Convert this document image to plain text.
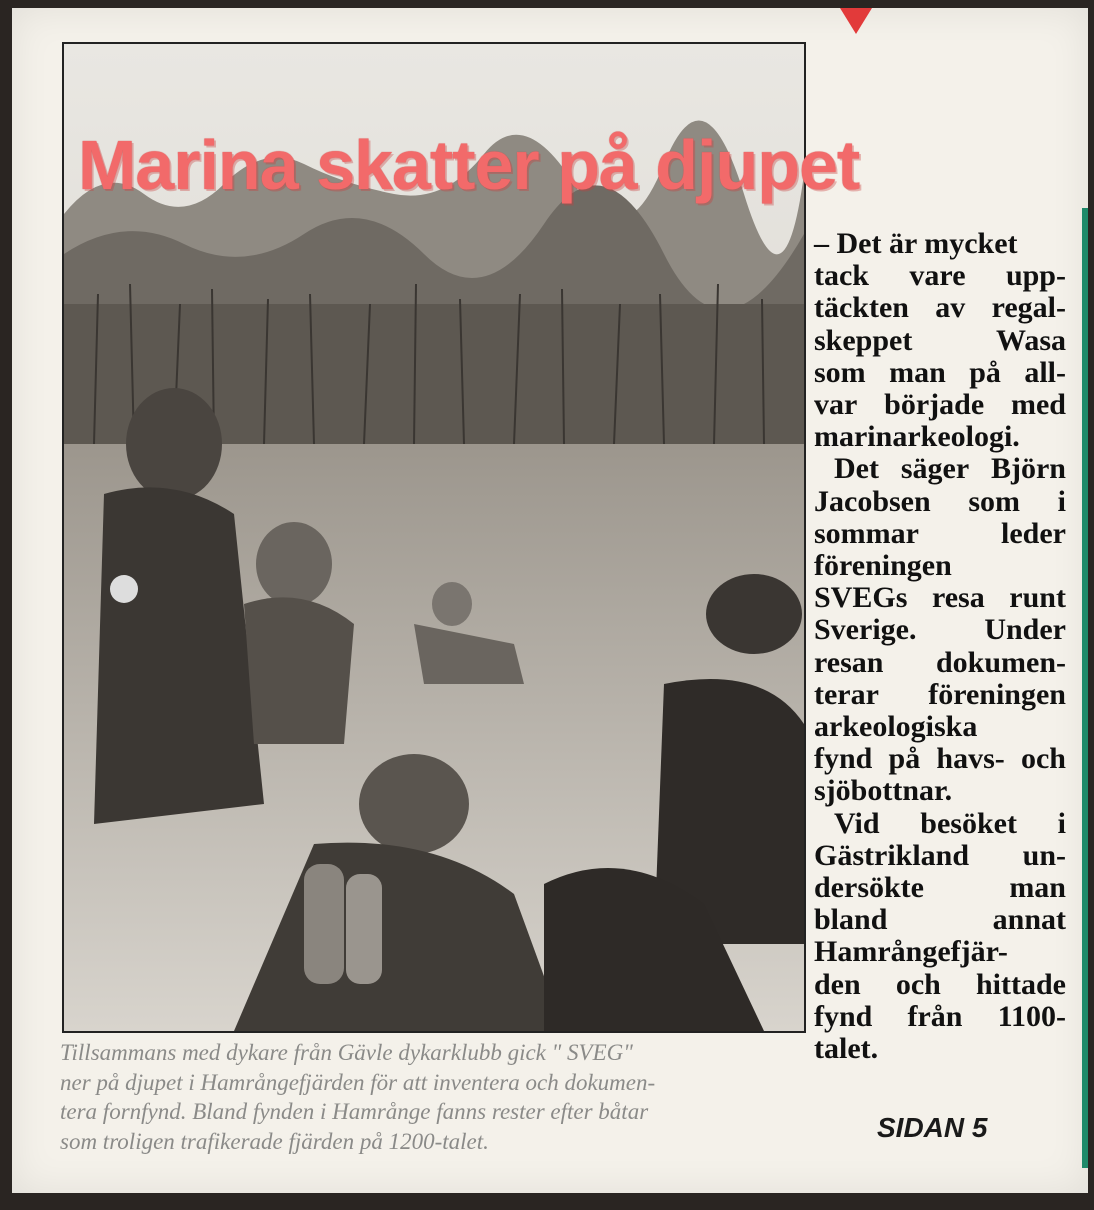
Marina skatter på djupet
– Det är mycket
tack vare upp-
täckten av regal-
skeppet	Wasa
som man på all-
var började med
marinarkeologi.
Det säger Björn
Jacobsen som i
sommar	leder
föreningen
SVEGs resa runt
Sverige. Under
resan dokumen-
terar föreningen
arkeologiska
fynd på havs- och
sjöbottnar.
Vid besöket i
Gästrikland un-
dersökte	man
bland	annat
Hamrångefjär-
den och hittade
fynd från 1100-
talet.
Tillsammans med dykare från Gävle dykarklubb gick " SVEG"
ner på djupet i Hamrångefjärden för att inventera och dokumen-
tera fornfynd. Bland fynden i Hamrånge fanns rester efter båtar
som troligen trafikerade fjärden på 1200-talet.	SIDAN 5
